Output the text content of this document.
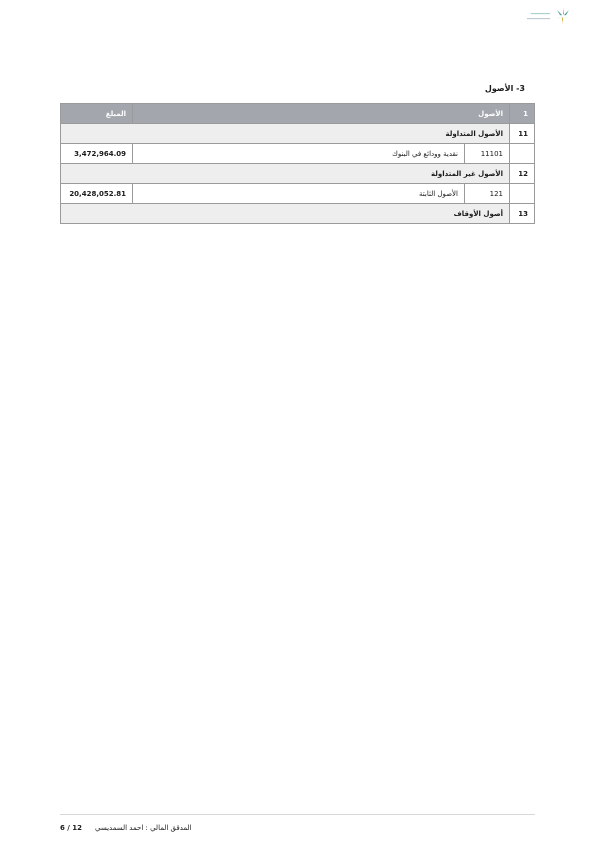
━━━━━━━━━━
━━━━━━━━━━━━
3- الأصول
1	الأصول		المبلغ
11	الأصول المتداولة		
	11101	نقدية وودائع في البنوك	3,472,964.09
12	الأصول غير المتداولة		
	121	الأصول الثابتة	20,428,052.81
13	أصول الأوقاف		
المدقق المالي : احمد السمديسي
6 / 12
